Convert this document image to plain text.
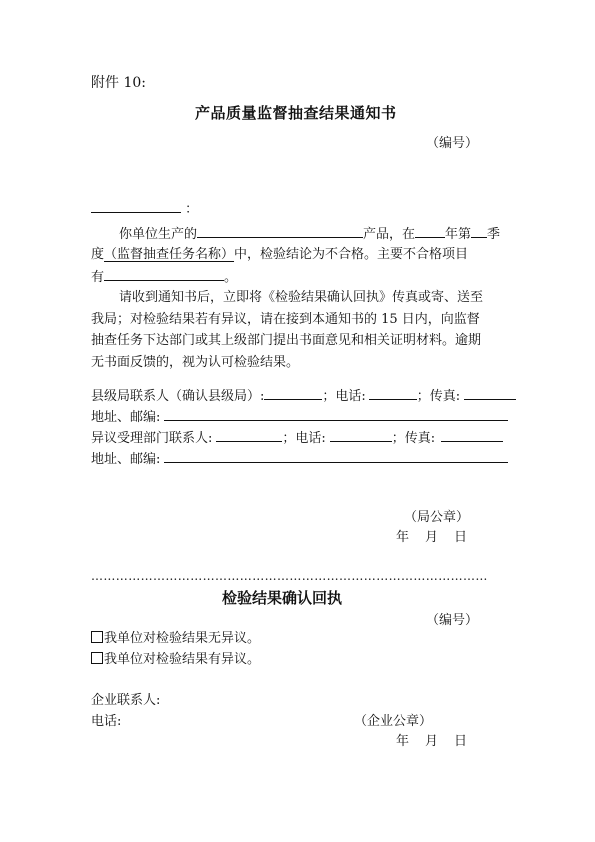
附件 10:
产品质量监督抽查结果通知书
（编号）
：
你单位生产的	产品，在 年第 季
度（监督抽查任务名称）中，检验结论为不合格。主要不合格项目
有	。
请收到通知书后，立即将《检验结果确认回执》传真或寄、送至
我局；对检验结果若有异议，请在接到本通知书的 15 日内，向监督
抽查任务下达部门或其上级部门提出书面意见和相关证明材料。逾期
无书面反馈的，视为认可检验结果。
县级局联系人（确认县级局）:	；电话:	；传真:
地址、邮编:
异议受理部门联系人:	；电话:	；传真:
地址、邮编:
（局公章）
年 月 日
……………………………………………………………………………………
检验结果确认回执
（编号）
我单位对检验结果无异议。
我单位对检验结果有异议。
企业联系人:
电话:	（企业公章）
年 月 日
